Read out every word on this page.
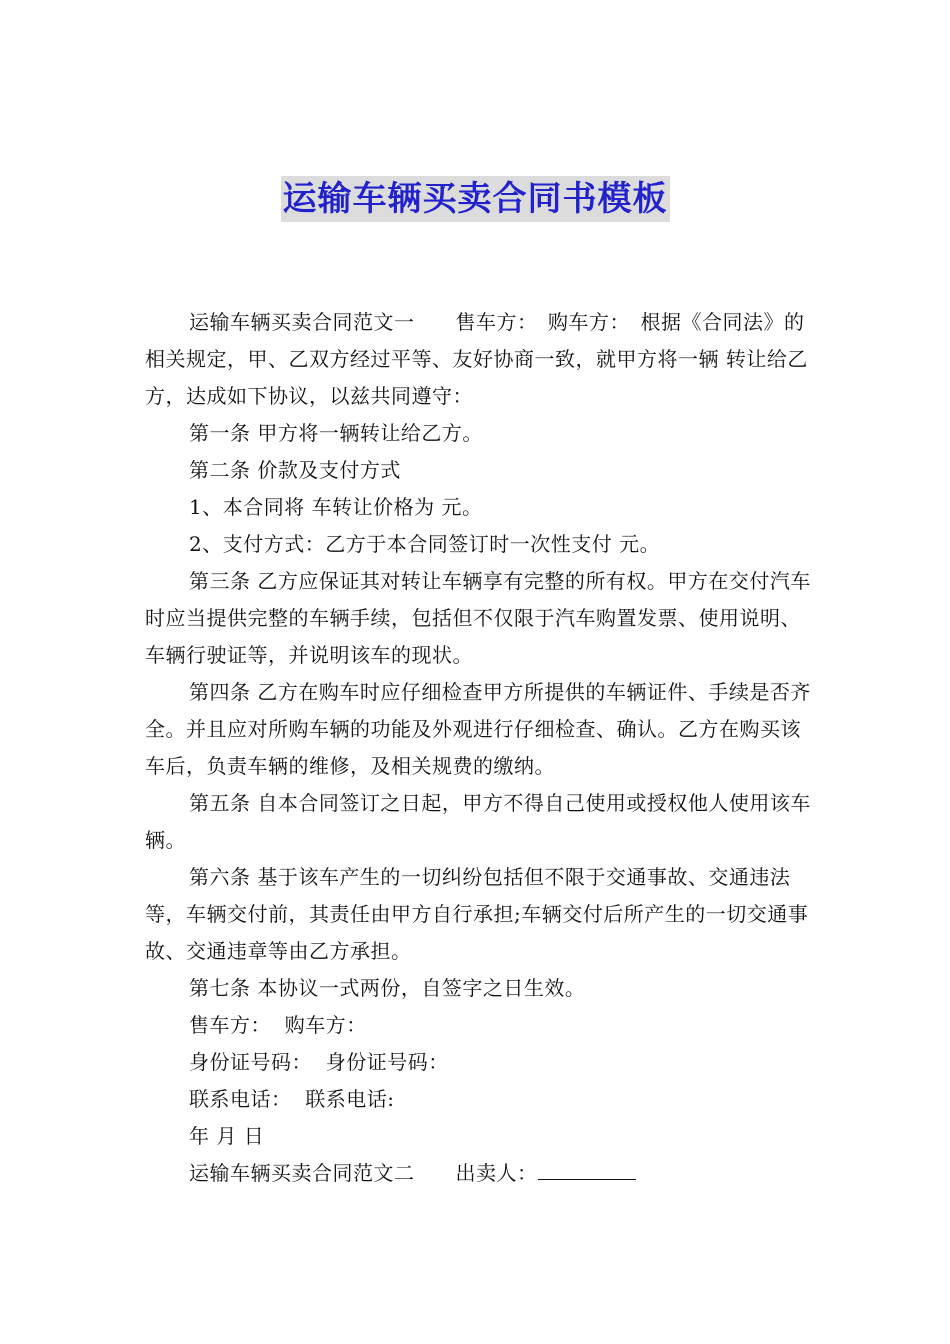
运输车辆买卖合同书模板

运输车辆买卖合同范文一　　售车方：　购车方：　根据《合同法》的相关规定，甲、乙双方经过平等、友好协商一致，就甲方将一辆 转让给乙方，达成如下协议，以兹共同遵守：

第一条 甲方将一辆转让给乙方。

第二条 价款及支付方式

1、本合同将 车转让价格为 元。

2、支付方式：乙方于本合同签订时一次性支付 元。

第三条 乙方应保证其对转让车辆享有完整的所有权。甲方在交付汽车时应当提供完整的车辆手续，包括但不仅限于汽车购置发票、使用说明、车辆行驶证等，并说明该车的现状。

第四条 乙方在购车时应仔细检查甲方所提供的车辆证件、手续是否齐全。并且应对所购车辆的功能及外观进行仔细检查、确认。乙方在购买该车后，负责车辆的维修，及相关规费的缴纳。

第五条 自本合同签订之日起，甲方不得自己使用或授权他人使用该车辆。

第六条 基于该车产生的一切纠纷包括但不限于交通事故、交通违法等，车辆交付前，其责任由甲方自行承担;车辆交付后所产生的一切交通事故、交通违章等由乙方承担。

第七条 本协议一式两份，自签字之日生效。

售车方：  购车方：

身份证号码：  身份证号码：

联系电话：  联系电话:

年 月 日

运输车辆买卖合同范文二　　出卖人：
